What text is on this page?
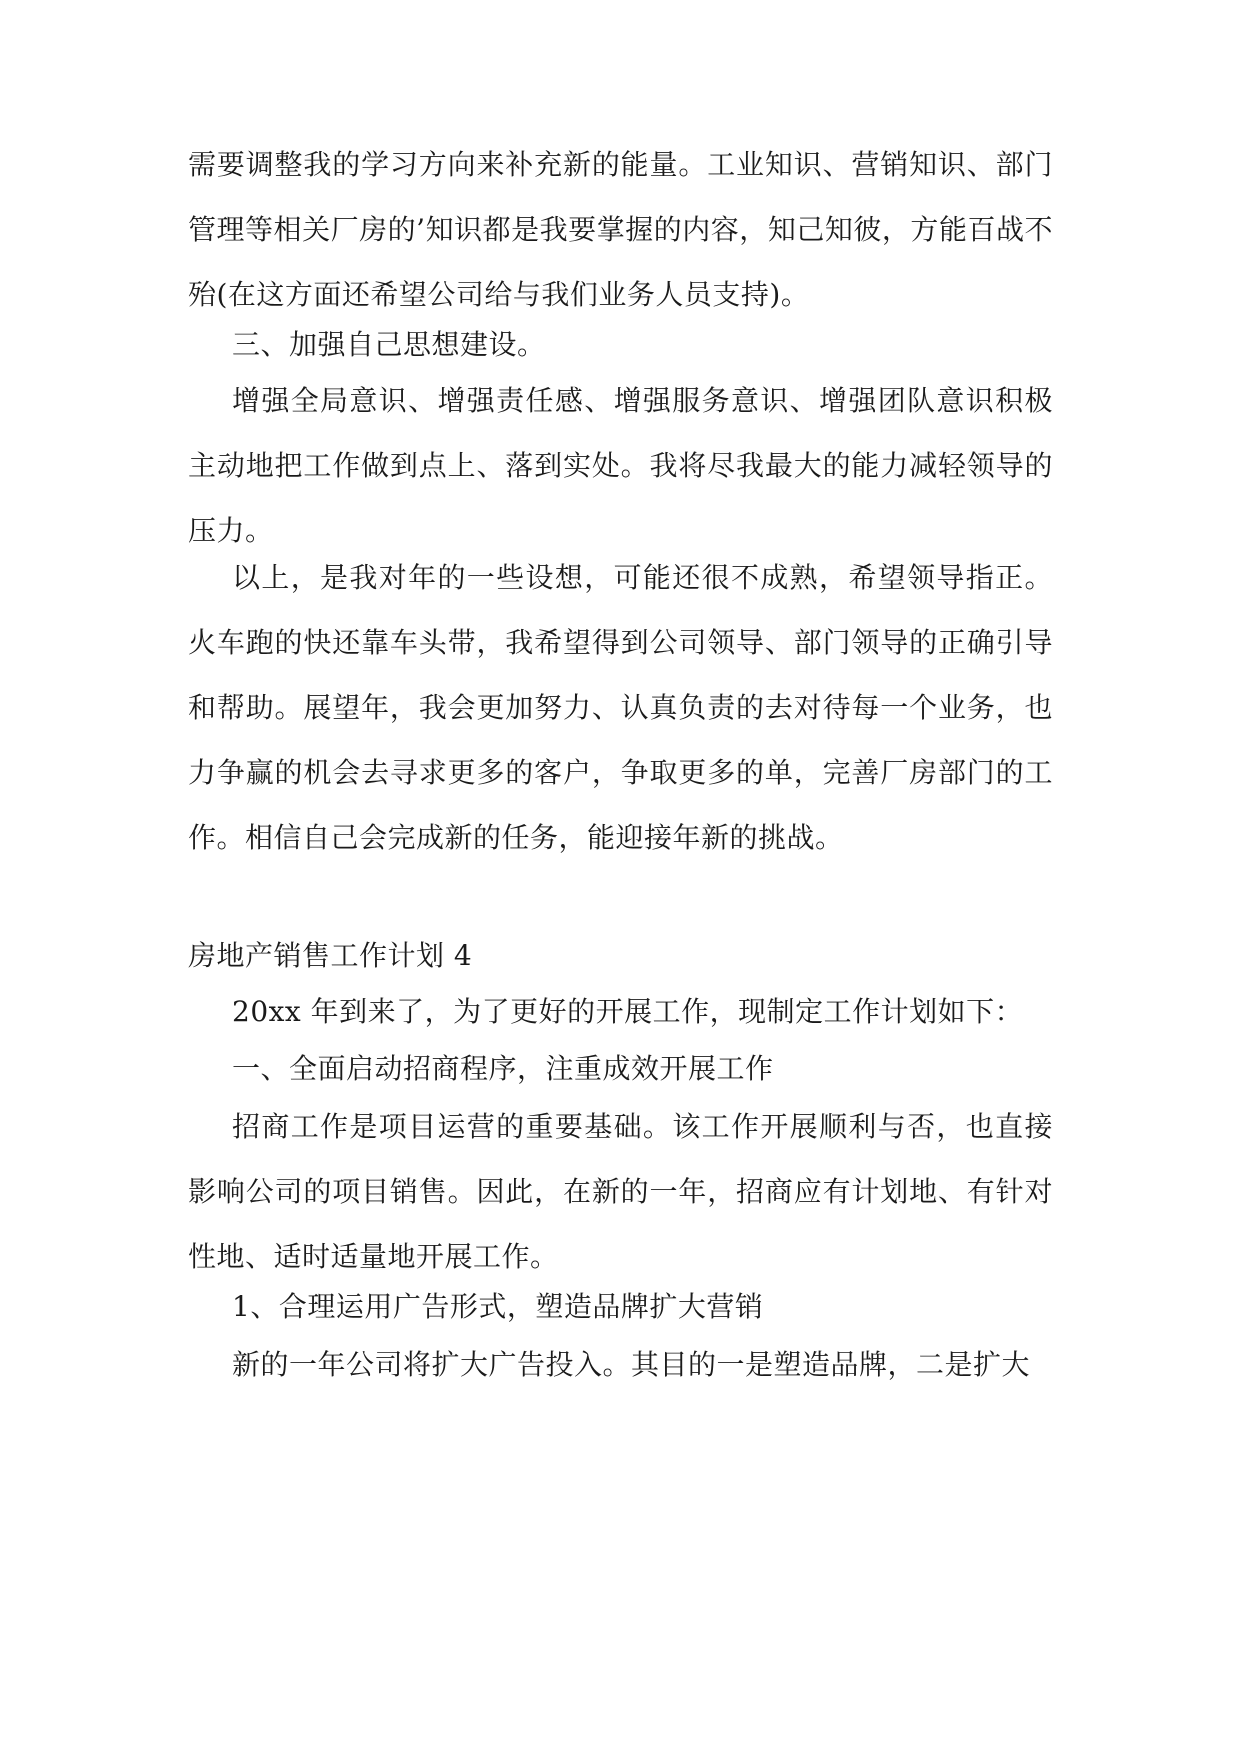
需要调整我的学习方向来补充新的能量。工业知识、营销知识、部门管理等相关厂房的’知识都是我要掌握的内容，知己知彼，方能百战不殆(在这方面还希望公司给与我们业务人员支持)。

三、加强自己思想建设。

增强全局意识、增强责任感、增强服务意识、增强团队意识积极主动地把工作做到点上、落到实处。我将尽我最大的能力减轻领导的压力。

以上，是我对年的一些设想，可能还很不成熟，希望领导指正。火车跑的快还靠车头带，我希望得到公司领导、部门领导的正确引导和帮助。展望年，我会更加努力、认真负责的去对待每一个业务，也力争赢的机会去寻求更多的客户，争取更多的单，完善厂房部门的工作。相信自己会完成新的任务，能迎接年新的挑战。

房地产销售工作计划 4

20xx 年到来了，为了更好的开展工作，现制定工作计划如下：

一、全面启动招商程序，注重成效开展工作

招商工作是项目运营的重要基础。该工作开展顺利与否，也直接影响公司的项目销售。因此，在新的一年，招商应有计划地、有针对性地、适时适量地开展工作。

1、合理运用广告形式，塑造品牌扩大营销

新的一年公司将扩大广告投入。其目的一是塑造品牌，二是扩大
